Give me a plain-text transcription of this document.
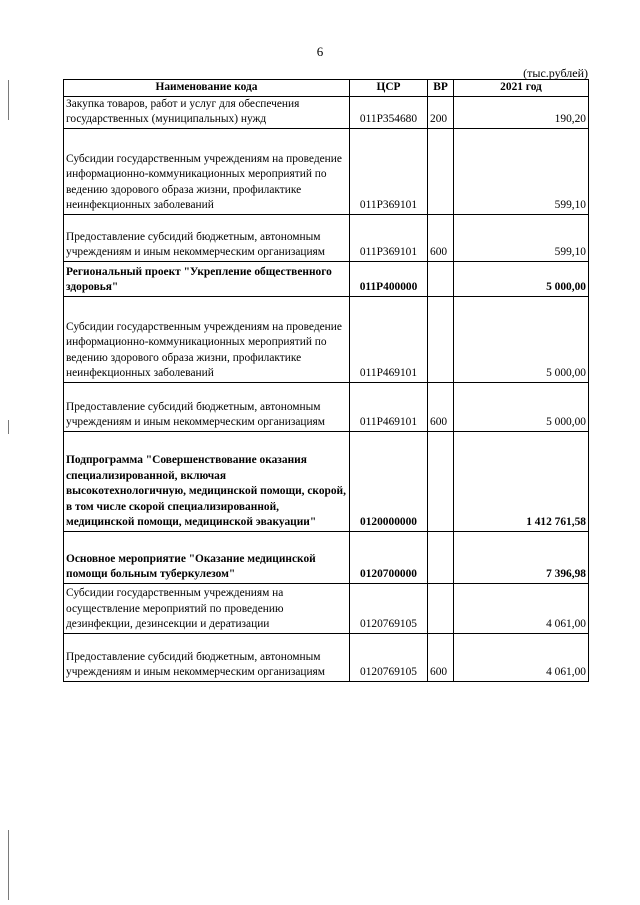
6
(тыс.рублей)
Наименование кода	ЦСР	ВР	2021 год
Закупка товаров, работ и услуг для обеспечения государственных (муниципальных) нужд	011P354680	200	190,20
Субсидии государственным учреждениям на проведение информационно-коммуникационных мероприятий по ведению здорового образа жизни, профилактике неинфекционных заболеваний	011P369101		599,10
Предоставление субсидий бюджетным, автономным учреждениям и иным некоммерческим организациям	011P369101	600	599,10
Региональный проект "Укрепление общественного здоровья"	011P400000		5 000,00
Субсидии государственным учреждениям на проведение информационно-коммуникационных мероприятий по ведению здорового образа жизни, профилактике неинфекционных заболеваний	011P469101		5 000,00
Предоставление субсидий бюджетным, автономным учреждениям и иным некоммерческим организациям	011P469101	600	5 000,00
Подпрограмма "Совершенствование оказания специализированной, включая высокотехнологичную, медицинской помощи, скорой, в том числе скорой специализированной, медицинской помощи, медицинской эвакуации"	0120000000		1 412 761,58
Основное мероприятие "Оказание медицинской помощи больным туберкулезом"	0120700000		7 396,98
Субсидии государственным учреждениям на осуществление мероприятий по проведению дезинфекции, дезинсекции и дератизации	0120769105		4 061,00
Предоставление субсидий бюджетным, автономным учреждениям и иным некоммерческим организациям	0120769105	600	4 061,00
